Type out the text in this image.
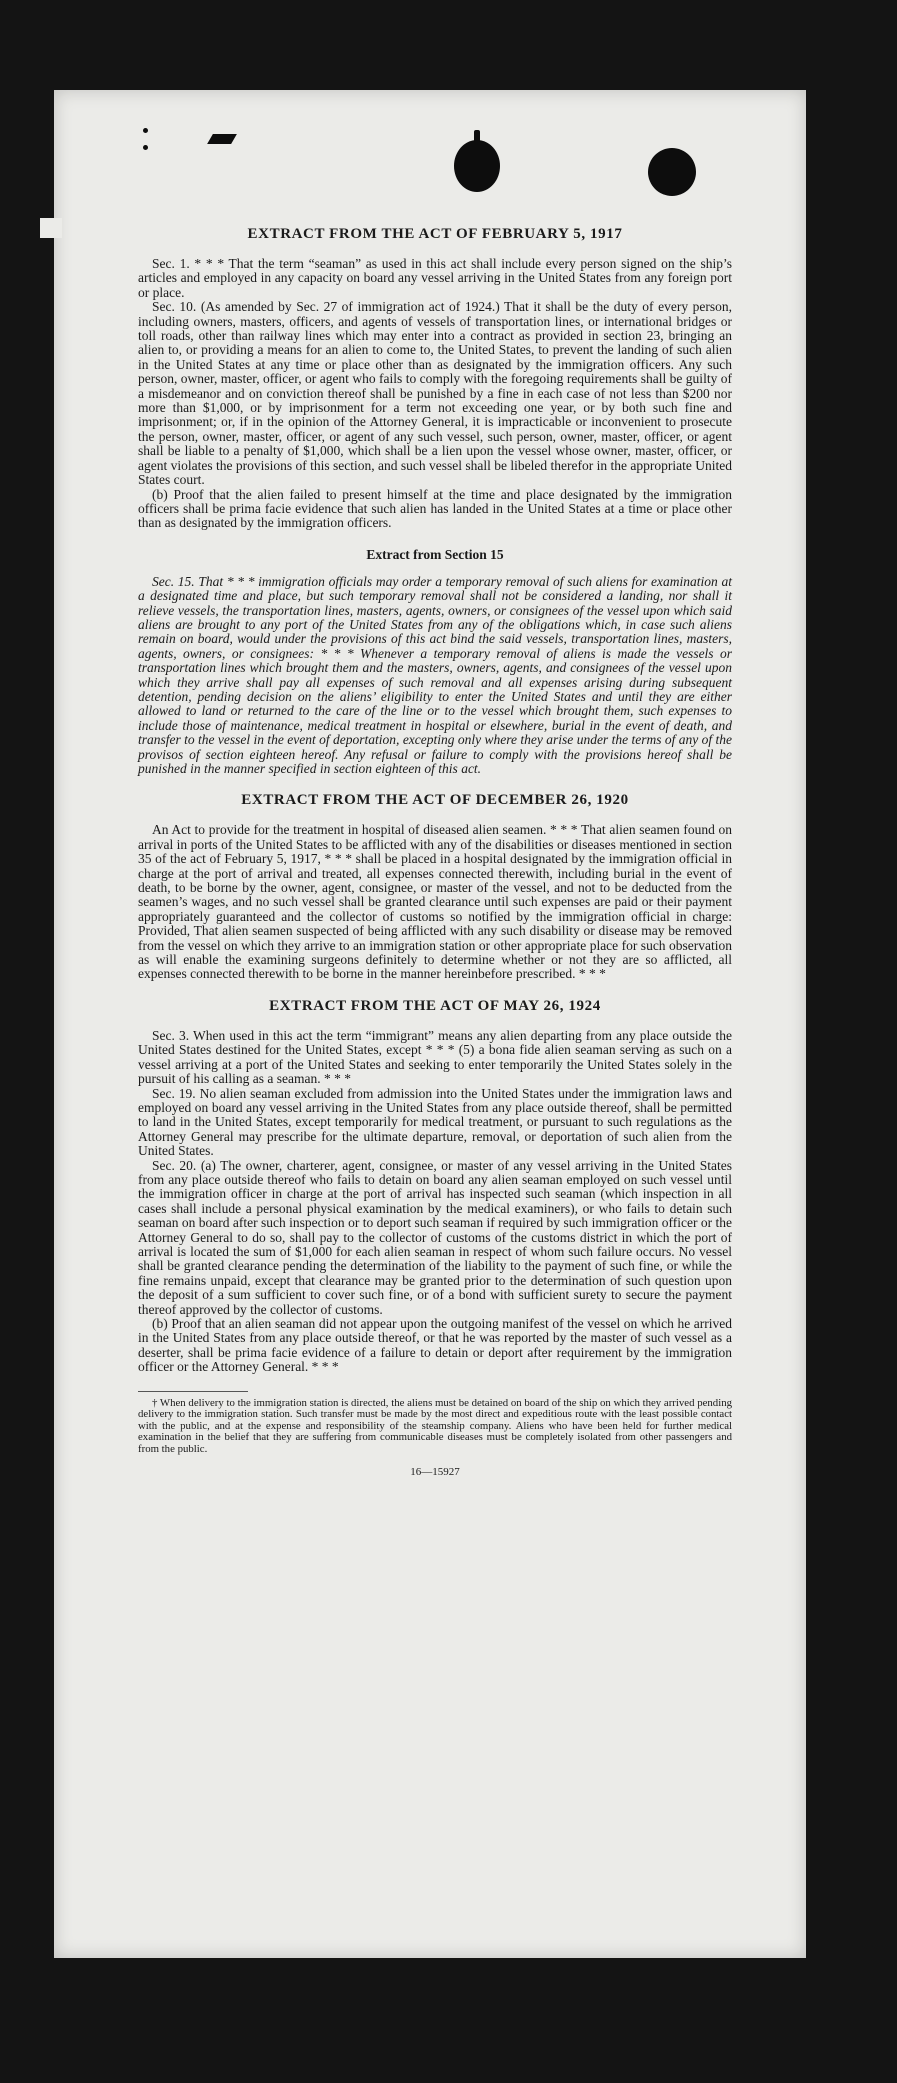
EXTRACT FROM THE ACT OF FEBRUARY 5, 1917

Sec. 1. * * * That the term “seaman” as used in this act shall include every person signed on the ship’s articles and employed in any capacity on board any vessel arriving in the United States from any foreign port or place.

Sec. 10. (As amended by Sec. 27 of immigration act of 1924.) That it shall be the duty of every person, including owners, masters, officers, and agents of vessels of transportation lines, or international bridges or toll roads, other than railway lines which may enter into a contract as provided in section 23, bringing an alien to, or providing a means for an alien to come to, the United States, to prevent the landing of such alien in the United States at any time or place other than as designated by the immigration officers. Any such person, owner, master, officer, or agent who fails to comply with the foregoing requirements shall be guilty of a misdemeanor and on conviction thereof shall be punished by a fine in each case of not less than $200 nor more than $1,000, or by imprisonment for a term not exceeding one year, or by both such fine and imprisonment; or, if in the opinion of the Attorney General, it is impracticable or inconvenient to prosecute the person, owner, master, officer, or agent of any such vessel, such person, owner, master, officer, or agent shall be liable to a penalty of $1,000, which shall be a lien upon the vessel whose owner, master, officer, or agent violates the provisions of this section, and such vessel shall be libeled therefor in the appropriate United States court.

(b) Proof that the alien failed to present himself at the time and place designated by the immigration officers shall be prima facie evidence that such alien has landed in the United States at a time or place other than as designated by the immigration officers.

Extract from Section 15

Sec. 15. That * * * immigration officials may order a temporary removal of such aliens for examination at a designated time and place, but such temporary removal shall not be considered a landing, nor shall it relieve vessels, the transportation lines, masters, agents, owners, or consignees of the vessel upon which said aliens are brought to any port of the United States from any of the obligations which, in case such aliens remain on board, would under the provisions of this act bind the said vessels, transportation lines, masters, agents, owners, or consignees: * * * Whenever a temporary removal of aliens is made the vessels or transportation lines which brought them and the masters, owners, agents, and consignees of the vessel upon which they arrive shall pay all expenses of such removal and all expenses arising during subsequent detention, pending decision on the aliens’ eligibility to enter the United States and until they are either allowed to land or returned to the care of the line or to the vessel which brought them, such expenses to include those of maintenance, medical treatment in hospital or elsewhere, burial in the event of death, and transfer to the vessel in the event of deportation, excepting only where they arise under the terms of any of the provisos of section eighteen hereof. Any refusal or failure to comply with the provisions hereof shall be punished in the manner specified in section eighteen of this act.

EXTRACT FROM THE ACT OF DECEMBER 26, 1920

An Act to provide for the treatment in hospital of diseased alien seamen. * * * That alien seamen found on arrival in ports of the United States to be afflicted with any of the disabilities or diseases mentioned in section 35 of the act of February 5, 1917, * * * shall be placed in a hospital designated by the immigration official in charge at the port of arrival and treated, all expenses connected therewith, including burial in the event of death, to be borne by the owner, agent, consignee, or master of the vessel, and not to be deducted from the seamen’s wages, and no such vessel shall be granted clearance until such expenses are paid or their payment appropriately guaranteed and the collector of customs so notified by the immigration official in charge: Provided, That alien seamen suspected of being afflicted with any such disability or disease may be removed from the vessel on which they arrive to an immigration station or other appropriate place for such observation as will enable the examining surgeons definitely to determine whether or not they are so afflicted, all expenses connected therewith to be borne in the manner hereinbefore prescribed. * * *

EXTRACT FROM THE ACT OF MAY 26, 1924

Sec. 3. When used in this act the term “immigrant” means any alien departing from any place outside the United States destined for the United States, except * * * (5) a bona fide alien seaman serving as such on a vessel arriving at a port of the United States and seeking to enter temporarily the United States solely in the pursuit of his calling as a seaman. * * *

Sec. 19. No alien seaman excluded from admission into the United States under the immigration laws and employed on board any vessel arriving in the United States from any place outside thereof, shall be permitted to land in the United States, except temporarily for medical treatment, or pursuant to such regulations as the Attorney General may prescribe for the ultimate departure, removal, or deportation of such alien from the United States.

Sec. 20. (a) The owner, charterer, agent, consignee, or master of any vessel arriving in the United States from any place outside thereof who fails to detain on board any alien seaman employed on such vessel until the immigration officer in charge at the port of arrival has inspected such seaman (which inspection in all cases shall include a personal physical examination by the medical examiners), or who fails to detain such seaman on board after such inspection or to deport such seaman if required by such immigration officer or the Attorney General to do so, shall pay to the collector of customs of the customs district in which the port of arrival is located the sum of $1,000 for each alien seaman in respect of whom such failure occurs. No vessel shall be granted clearance pending the determination of the liability to the payment of such fine, or while the fine remains unpaid, except that clearance may be granted prior to the determination of such question upon the deposit of a sum sufficient to cover such fine, or of a bond with sufficient surety to secure the payment thereof approved by the collector of customs.

(b) Proof that an alien seaman did not appear upon the outgoing manifest of the vessel on which he arrived in the United States from any place outside thereof, or that he was reported by the master of such vessel as a deserter, shall be prima facie evidence of a failure to detain or deport after requirement by the immigration officer or the Attorney General. * * *

† When delivery to the immigration station is directed, the aliens must be detained on board of the ship on which they arrived pending delivery to the immigration station. Such transfer must be made by the most direct and expeditious route with the least possible contact with the public, and at the expense and responsibility of the steamship company. Aliens who have been held for further medical examination in the belief that they are suffering from communicable diseases must be completely isolated from other passengers and from the public.

16—15927
